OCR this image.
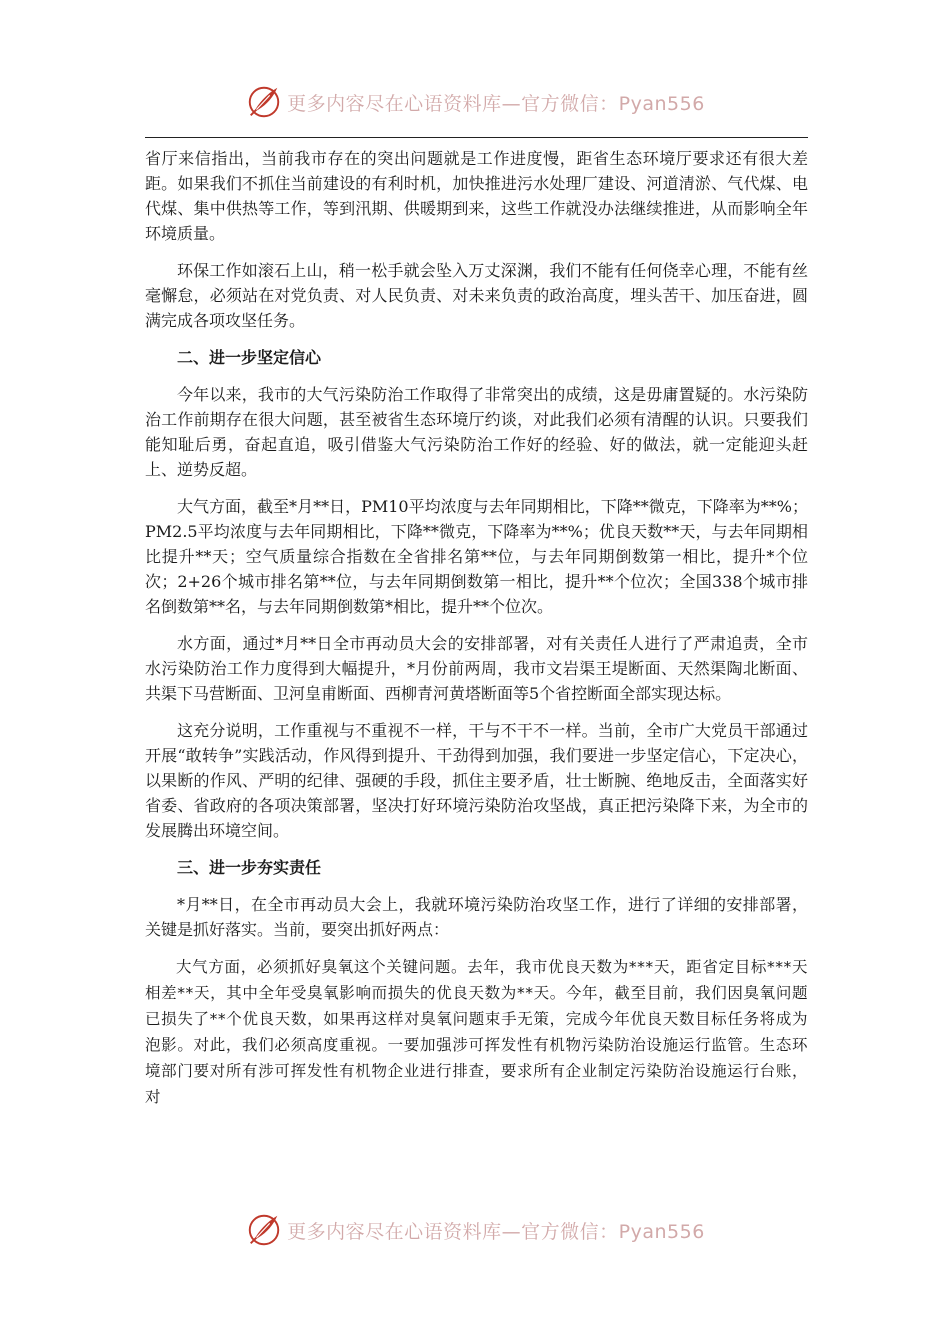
更多内容尽在心语资料库—官方微信：Pyan556

省厅来信指出，当前我市存在的突出问题就是工作进度慢，距省生态环境厅要求还有很大差距。如果我们不抓住当前建设的有利时机，加快推进污水处理厂建设、河道清淤、气代煤、电代煤、集中供热等工作，等到汛期、供暖期到来，这些工作就没办法继续推进，从而影响全年环境质量。

环保工作如滚石上山，稍一松手就会坠入万丈深渊，我们不能有任何侥幸心理，不能有丝毫懈怠，必须站在对党负责、对人民负责、对未来负责的政治高度，埋头苦干、加压奋进，圆满完成各项攻坚任务。

二、进一步坚定信心

今年以来，我市的大气污染防治工作取得了非常突出的成绩，这是毋庸置疑的。水污染防治工作前期存在很大问题，甚至被省生态环境厅约谈，对此我们必须有清醒的认识。只要我们能知耻后勇，奋起直追，吸引借鉴大气污染防治工作好的经验、好的做法，就一定能迎头赶上、逆势反超。

大气方面，截至*月**日，PM10平均浓度与去年同期相比，下降**微克，下降率为**%；PM2.5平均浓度与去年同期相比，下降**微克，下降率为**%；优良天数**天，与去年同期相比提升**天；空气质量综合指数在全省排名第**位，与去年同期倒数第一相比，提升*个位次；2+26个城市排名第**位，与去年同期倒数第一相比，提升**个位次；全国338个城市排名倒数第**名，与去年同期倒数第*相比，提升**个位次。

水方面，通过*月**日全市再动员大会的安排部署，对有关责任人进行了严肃追责，全市水污染防治工作力度得到大幅提升，*月份前两周，我市文岩渠王堤断面、天然渠陶北断面、共渠下马营断面、卫河皇甫断面、西柳青河黄塔断面等5个省控断面全部实现达标。

这充分说明，工作重视与不重视不一样，干与不干不一样。当前，全市广大党员干部通过开展“敢转争”实践活动，作风得到提升、干劲得到加强，我们要进一步坚定信心，下定决心，以果断的作风、严明的纪律、强硬的手段，抓住主要矛盾，壮士断腕、绝地反击，全面落实好省委、省政府的各项决策部署，坚决打好环境污染防治攻坚战，真正把污染降下来，为全市的发展腾出环境空间。

三、进一步夯实责任

*月**日，在全市再动员大会上，我就环境污染防治攻坚工作，进行了详细的安排部署，关键是抓好落实。当前，要突出抓好两点：

大气方面，必须抓好臭氧这个关键问题。去年，我市优良天数为***天，距省定目标***天相差**天，其中全年受臭氧影响而损失的优良天数为**天。今年，截至目前，我们因臭氧问题已损失了**个优良天数，如果再这样对臭氧问题束手无策，完成今年优良天数目标任务将成为泡影。对此，我们必须高度重视。一要加强涉可挥发性有机物污染防治设施运行监管。生态环境部门要对所有涉可挥发性有机物企业进行排查，要求所有企业制定污染防治设施运行台账，对

更多内容尽在心语资料库—官方微信：Pyan556
